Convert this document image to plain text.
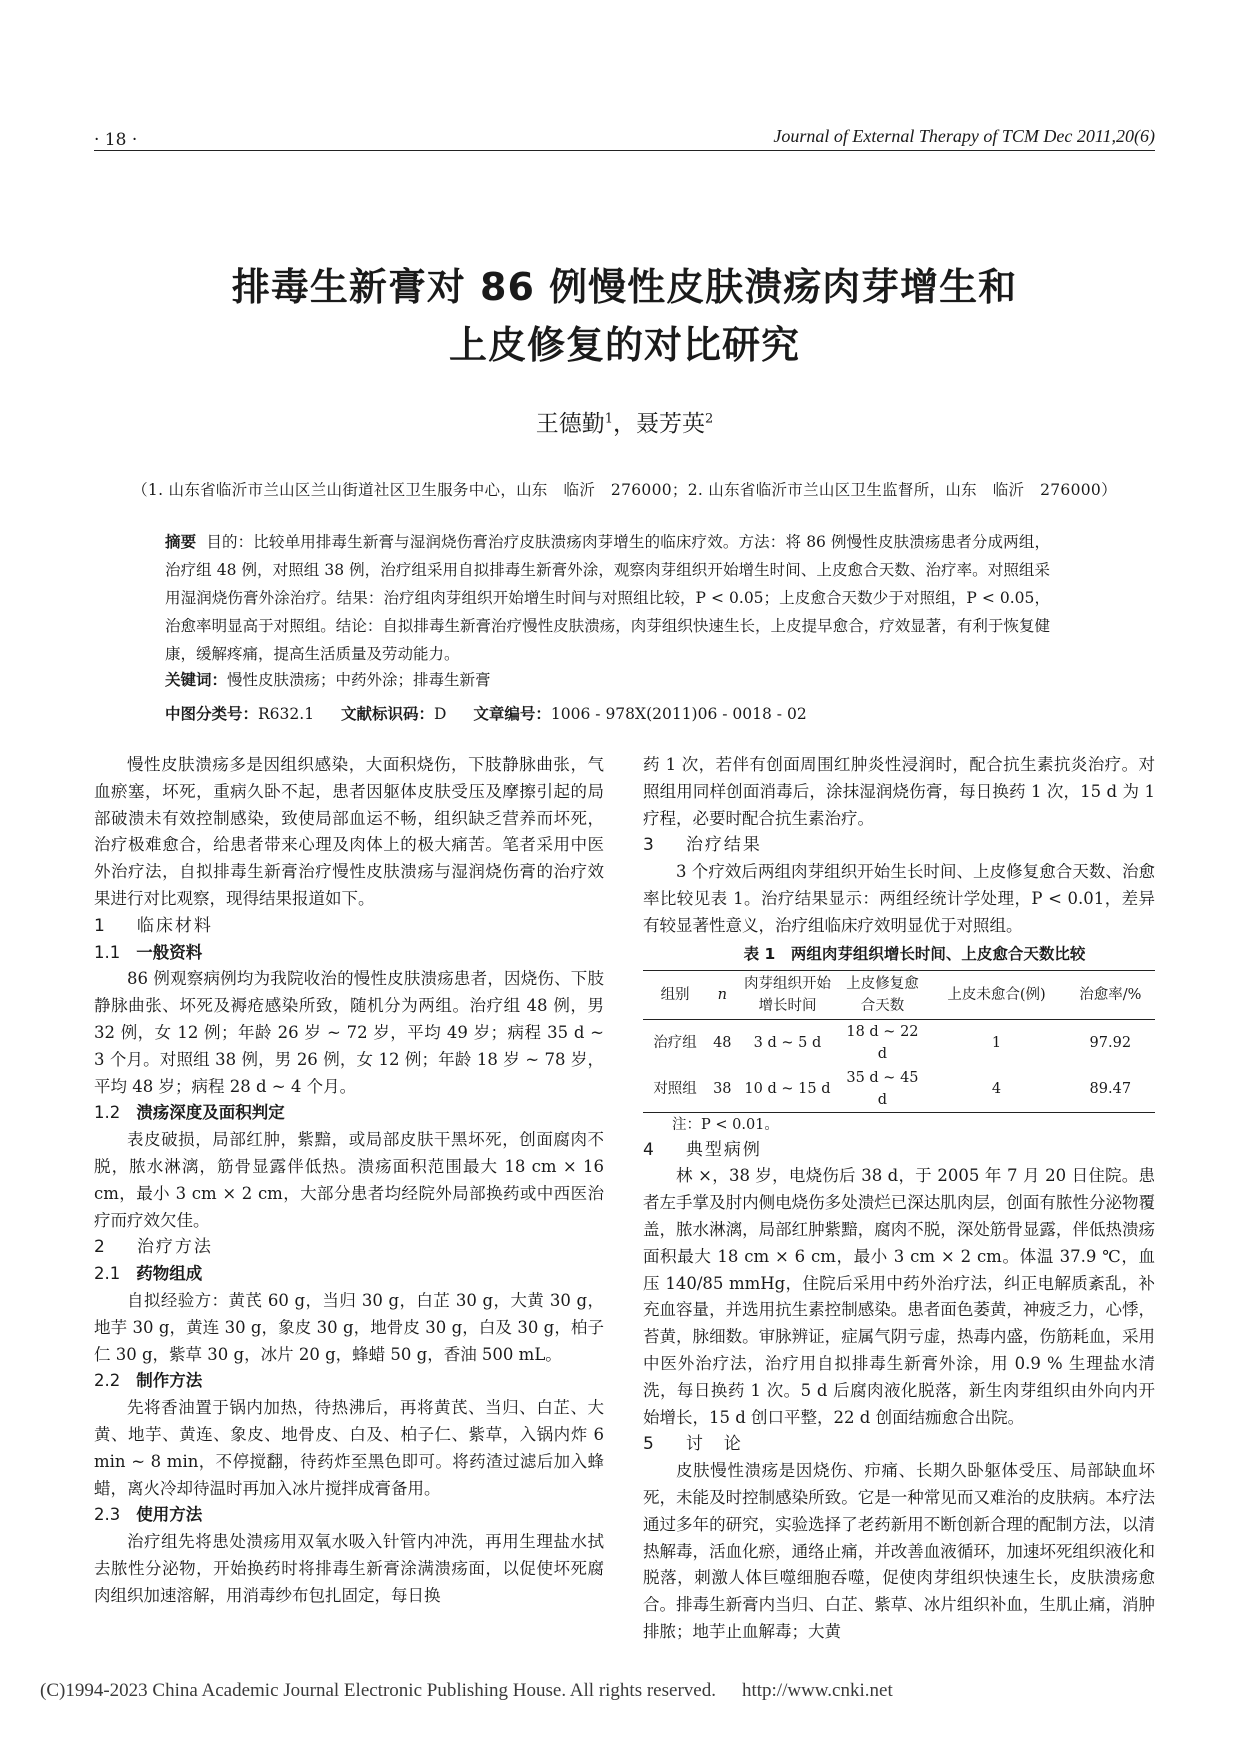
· 18 ·	Journal of External Therapy of TCM Dec 2011,20(6)
排毒生新膏对 86 例慢性皮肤溃疡肉芽增生和
上皮修复的对比研究
王德勤$^1$，聂芳英$^2$
（1. 山东省临沂市兰山区兰山街道社区卫生服务中心，山东　临沂　276000；2. 山东省临沂市兰山区卫生监督所，山东　临沂　276000）
摘要 目的：比较单用排毒生新膏与湿润烧伤膏治疗皮肤溃疡肉芽增生的临床疗效。方法：将 86 例慢性皮肤溃疡患者分成两组，治疗组 48 例，对照组 38 例，治疗组采用自拟排毒生新膏外涂，观察肉芽组织开始增生时间、上皮愈合天数、治疗率。对照组采用湿润烧伤膏外涂治疗。结果：治疗组肉芽组织开始增生时间与对照组比较，P < 0.05；上皮愈合天数少于对照组，P < 0.05，治愈率明显高于对照组。结论：自拟排毒生新膏治疗慢性皮肤溃疡，肉芽组织快速生长，上皮提早愈合，疗效显著，有利于恢复健康，缓解疼痛，提高生活质量及劳动能力。
关键词：慢性皮肤溃疡；中药外涂；排毒生新膏
中图分类号：R632.1 文献标识码：D 文章编号：1006 - 978X(2011)06 - 0018 - 02

慢性皮肤溃疡多是因组织感染，大面积烧伤，下肢静脉曲张，气血瘀塞，坏死，重病久卧不起，患者因躯体皮肤受压及摩擦引起的局部破溃未有效控制感染，致使局部血运不畅，组织缺乏营养而坏死，治疗极难愈合，给患者带来心理及肉体上的极大痛苦。笔者采用中医外治疗法，自拟排毒生新膏治疗慢性皮肤溃疡与湿润烧伤膏的治疗效果进行对比观察，现得结果报道如下。

1 临床材料
1.1 一般资料

86 例观察病例均为我院收治的慢性皮肤溃疡患者，因烧伤、下肢静脉曲张、坏死及褥疮感染所致，随机分为两组。治疗组 48 例，男 32 例，女 12 例；年龄 26 岁 ~ 72 岁，平均 49 岁；病程 35 d ~ 3 个月。对照组 38 例，男 26 例，女 12 例；年龄 18 岁 ~ 78 岁，平均 48 岁；病程 28 d ~ 4 个月。

1.2 溃疡深度及面积判定

表皮破损，局部红肿，紫黯，或局部皮肤干黑坏死，创面腐肉不脱，脓水淋漓，筋骨显露伴低热。溃疡面积范围最大 18 cm × 16 cm，最小 3 cm × 2 cm，大部分患者均经院外局部换药或中西医治疗而疗效欠佳。

2 治疗方法
2.1 药物组成

自拟经验方：黄芪 60 g，当归 30 g，白芷 30 g，大黄 30 g，地芋 30 g，黄连 30 g，象皮 30 g，地骨皮 30 g，白及 30 g，柏子仁 30 g，紫草 30 g，冰片 20 g，蜂蜡 50 g，香油 500 mL。

2.2 制作方法

先将香油置于锅内加热，待热沸后，再将黄芪、当归、白芷、大黄、地芋、黄连、象皮、地骨皮、白及、柏子仁、紫草，入锅内炸 6 min ~ 8 min，不停搅翻，待药炸至黑色即可。将药渣过滤后加入蜂蜡，离火冷却待温时再加入冰片搅拌成膏备用。

2.3 使用方法

治疗组先将患处溃疡用双氧水吸入针管内冲洗，再用生理盐水拭去脓性分泌物，开始换药时将排毒生新膏涂满溃疡面，以促使坏死腐肉组织加速溶解，用消毒纱布包扎固定，每日换

药 1 次，若伴有创面周围红肿炎性浸润时，配合抗生素抗炎治疗。对照组用同样创面消毒后，涂抹湿润烧伤膏，每日换药 1 次，15 d 为 1 疗程，必要时配合抗生素治疗。

3 治疗结果

3 个疗效后两组肉芽组织开始生长时间、上皮修复愈合天数、治愈率比较见表 1。治疗结果显示：两组经统计学处理，P < 0.01，差异有较显著性意义，治疗组临床疗效明显优于对照组。

表 1　两组肉芽组织增长时间、上皮愈合天数比较

组别	n	肉芽组织开始增长时间	上皮修复愈合天数	上皮未愈合(例)	治愈率/%
治疗组	48	3 d ~ 5 d	18 d ~ 22 d	1	97.92
对照组	38	10 d ~ 15 d	35 d ~ 45 d	4	89.47

注：P < 0.01。

4 典型病例

林 ×，38 岁，电烧伤后 38 d，于 2005 年 7 月 20 日住院。患者左手掌及肘内侧电烧伤多处溃烂已深达肌肉层，创面有脓性分泌物覆盖，脓水淋漓，局部红肿紫黯，腐肉不脱，深处筋骨显露，伴低热溃疡面积最大 18 cm × 6 cm，最小 3 cm × 2 cm。体温 37.9 ℃，血压 140/85 mmHg，住院后采用中药外治疗法，纠正电解质紊乱，补充血容量，并选用抗生素控制感染。患者面色萎黄，神疲乏力，心悸，苔黄，脉细数。审脉辨证，症属气阴亏虚，热毒内盛，伤筋耗血，采用中医外治疗法，治疗用自拟排毒生新膏外涂，用 0.9 % 生理盐水清洗，每日换药 1 次。5 d 后腐肉液化脱落，新生肉芽组织由外向内开始增长，15 d 创口平整，22 d 创面结痂愈合出院。

5 讨　论

皮肤慢性溃疡是因烧伤、疖痛、长期久卧躯体受压、局部缺血坏死，未能及时控制感染所致。它是一种常见而又难治的皮肤病。本疗法通过多年的研究，实验选择了老药新用不断创新合理的配制方法，以清热解毒，活血化瘀，通络止痛，并改善血液循环，加速坏死组织液化和脱落，刺激人体巨噬细胞吞噬，促使肉芽组织快速生长，皮肤溃疡愈合。排毒生新膏内当归、白芷、紫草、冰片组织补血，生肌止痛，消肿排脓；地芋止血解毒；大黄

(C)1994-2023 China Academic Journal Electronic Publishing House. All rights reserved. http://www.cnki.net
